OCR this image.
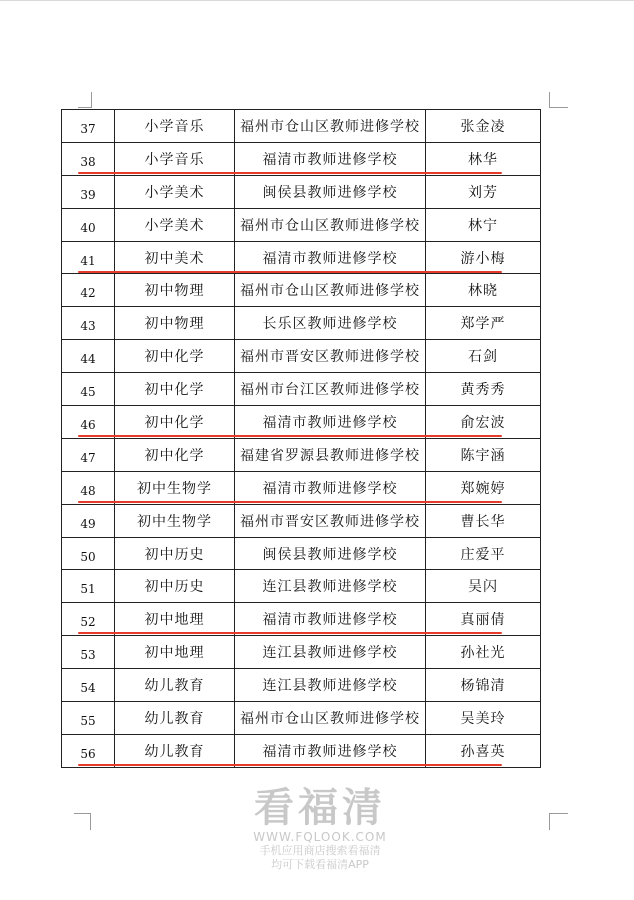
37	小学音乐	福州市仓山区教师进修学校	张金凌
38	小学音乐	福清市教师进修学校	林华
39	小学美术	闽侯县教师进修学校	刘芳
40	小学美术	福州市仓山区教师进修学校	林宁
41	初中美术	福清市教师进修学校	游小梅
42	初中物理	福州市仓山区教师进修学校	林晓
43	初中物理	长乐区教师进修学校	郑学严
44	初中化学	福州市晋安区教师进修学校	石剑
45	初中化学	福州市台江区教师进修学校	黄秀秀
46	初中化学	福清市教师进修学校	俞宏波
47	初中化学	福建省罗源县教师进修学校	陈宇涵
48	初中生物学	福清市教师进修学校	郑婉婷
49	初中生物学	福州市晋安区教师进修学校	曹长华
50	初中历史	闽侯县教师进修学校	庄爱平
51	初中历史	连江县教师进修学校	吴闪
52	初中地理	福清市教师进修学校	真丽倩
53	初中地理	连江县教师进修学校	孙社光
54	幼儿教育	连江县教师进修学校	杨锦清
55	幼儿教育	福州市仓山区教师进修学校	吴美玲
56	幼儿教育	福清市教师进修学校	孙喜英
看福清
WWW.FQLOOK.COM
手机应用商店搜索看福清
均可下载看福清APP
